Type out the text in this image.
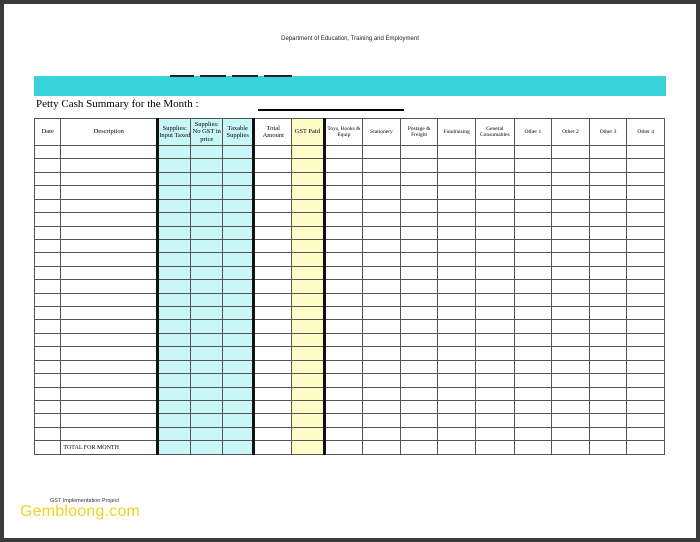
Department of Education, Training and Employment
Petty Cash Summary for the Month :
Date	Description	Supplies: Input Taxed	Supplies: No GST in price	Taxable Supplies	Total Amount	GST Paid	Toys, Books & Equip	Stationery	Postage & Freight	Fundraising	General Consumables	Other 1	Other 2	Other 3	Other 4

	TOTAL FOR MONTH														
GST Implementation Project
Gembloong.com
